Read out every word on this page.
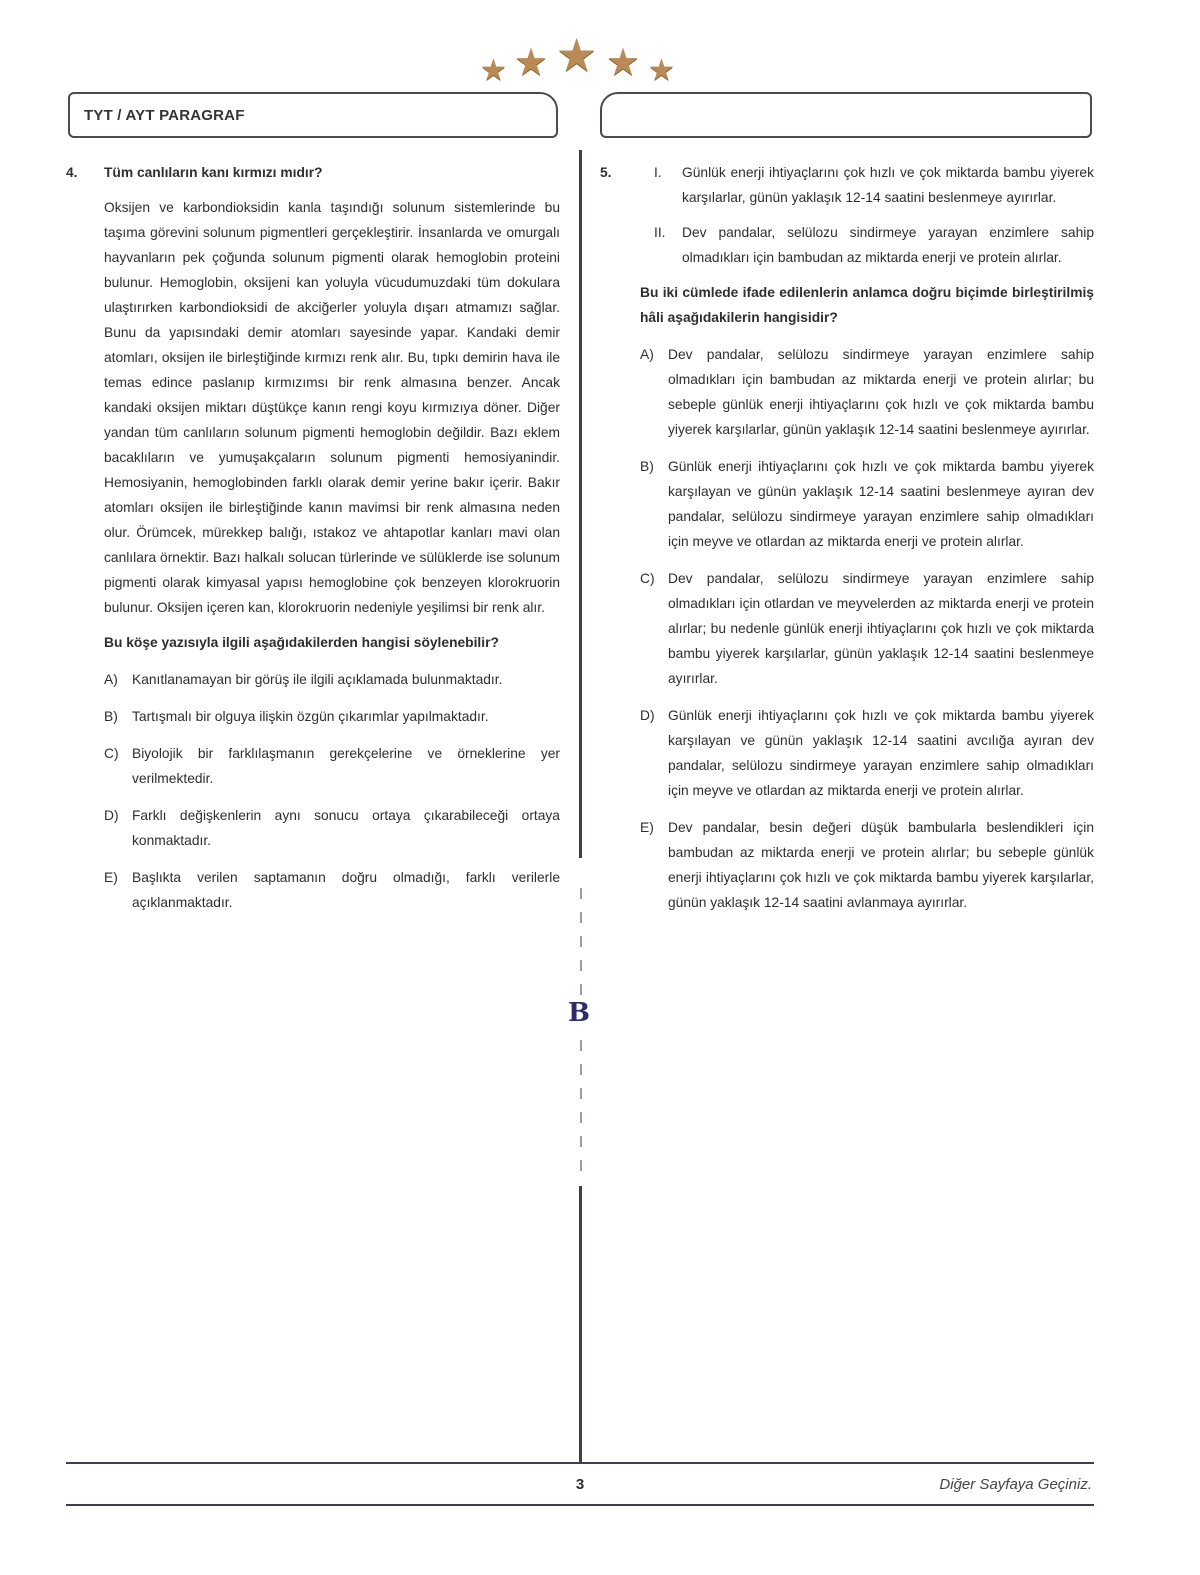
★ ★ ★ ★ ★
TYT / AYT PARAGRAF
B
4. Tüm canlıların kanı kırmızı mıdır?

Oksijen ve karbondioksidin kanla taşındığı solunum sistemlerinde bu taşıma görevini solunum pigmentleri gerçekleştirir. İnsanlarda ve omurgalı hayvanların pek çoğunda solunum pigmenti olarak hemoglobin proteini bulunur. Hemoglobin, oksijeni kan yoluyla vücudumuzdaki tüm dokulara ulaştırırken karbondioksidi de akciğerler yoluyla dışarı atmamızı sağlar. Bunu da yapısındaki demir atomları sayesinde yapar. Kandaki demir atomları, oksijen ile birleştiğinde kırmızı renk alır. Bu, tıpkı demirin hava ile temas edince paslanıp kırmızımsı bir renk almasına benzer. Ancak kandaki oksijen miktarı düştükçe kanın rengi koyu kırmızıya döner. Diğer yandan tüm canlıların solunum pigmenti hemoglobin değildir. Bazı eklem bacaklıların ve yumuşakçaların solunum pigmenti hemosiyanindir. Hemosiyanin, hemoglobinden farklı olarak demir yerine bakır içerir. Bakır atomları oksijen ile birleştiğinde kanın mavimsi bir renk almasına neden olur. Örümcek, mürekkep balığı, ıstakoz ve ahtapotlar kanları mavi olan canlılara örnektir. Bazı halkalı solucan türlerinde ve sülüklerde ise solunum pigmenti olarak kimyasal yapısı hemoglobine çok benzeyen klorokruorin bulunur. Oksijen içeren kan, klorokruorin nedeniyle yeşilimsi bir renk alır.

Bu köşe yazısıyla ilgili aşağıdakilerden hangisi söylenebilir?

A)	Kanıtlanamayan bir görüş ile ilgili açıklamada bulunmaktadır.
B)	Tartışmalı bir olguya ilişkin özgün çıkarımlar yapılmaktadır.
C) Biyolojik bir farklılaşmanın gerekçelerine ve örneklerine yer verilmektedir.
D) Farklı değişkenlerin aynı sonucu ortaya çıkarabileceği ortaya konmaktadır.
E)	Başlıkta verilen saptamanın doğru olmadığı, farklı verilerle açıklanmaktadır.
5.	I.	Günlük enerji ihtiyaçlarını çok hızlı ve çok miktarda bambu yiyerek karşılarlar, günün yaklaşık 12-14 saatini beslenmeye ayırırlar.
II.	Dev pandalar, selülozu sindirmeye yarayan enzimlere sahip olmadıkları için bambudan az miktarda enerji ve protein alırlar.

Bu iki cümlede ifade edilenlerin anlamca doğru biçimde birleştirilmiş hâli aşağıdakilerin hangisidir?

A)	Dev pandalar, selülozu sindirmeye yarayan enzimlere sahip olmadıkları için bambudan az miktarda enerji ve protein alırlar; bu sebeple günlük enerji ihtiyaçlarını çok hızlı ve çok miktarda bambu yiyerek karşılarlar, günün yaklaşık 12-14 saatini beslenmeye ayırırlar.
B)	Günlük enerji ihtiyaçlarını çok hızlı ve çok miktarda bambu yiyerek karşılayan ve günün yaklaşık 12-14 saatini beslenmeye ayıran dev pandalar, selülozu sindirmeye yarayan enzimlere sahip olmadıkları için meyve ve otlardan az miktarda enerji ve protein alırlar.
C) Dev pandalar, selülozu sindirmeye yarayan enzimlere sahip olmadıkları için otlardan ve meyvelerden az miktarda enerji ve protein alırlar; bu nedenle günlük enerji ihtiyaçlarını çok hızlı ve çok miktarda bambu yiyerek karşılarlar, günün yaklaşık 12-14 saatini beslenmeye ayırırlar.
D) Günlük enerji ihtiyaçlarını çok hızlı ve çok miktarda bambu yiyerek karşılayan ve günün yaklaşık 12-14 saatini avcılığa ayıran dev pandalar, selülozu sindirmeye yarayan enzimlere sahip olmadıkları için meyve ve otlardan az miktarda enerji ve protein alırlar.
E)	Dev pandalar, besin değeri düşük bambularla beslendikleri için bambudan az miktarda enerji ve protein alırlar; bu sebeple günlük enerji ihtiyaçlarını çok hızlı ve çok miktarda bambu yiyerek karşılarlar, günün yaklaşık 12-14 saatini avlanmaya ayırırlar.
3	Diğer Sayfaya Geçiniz.
